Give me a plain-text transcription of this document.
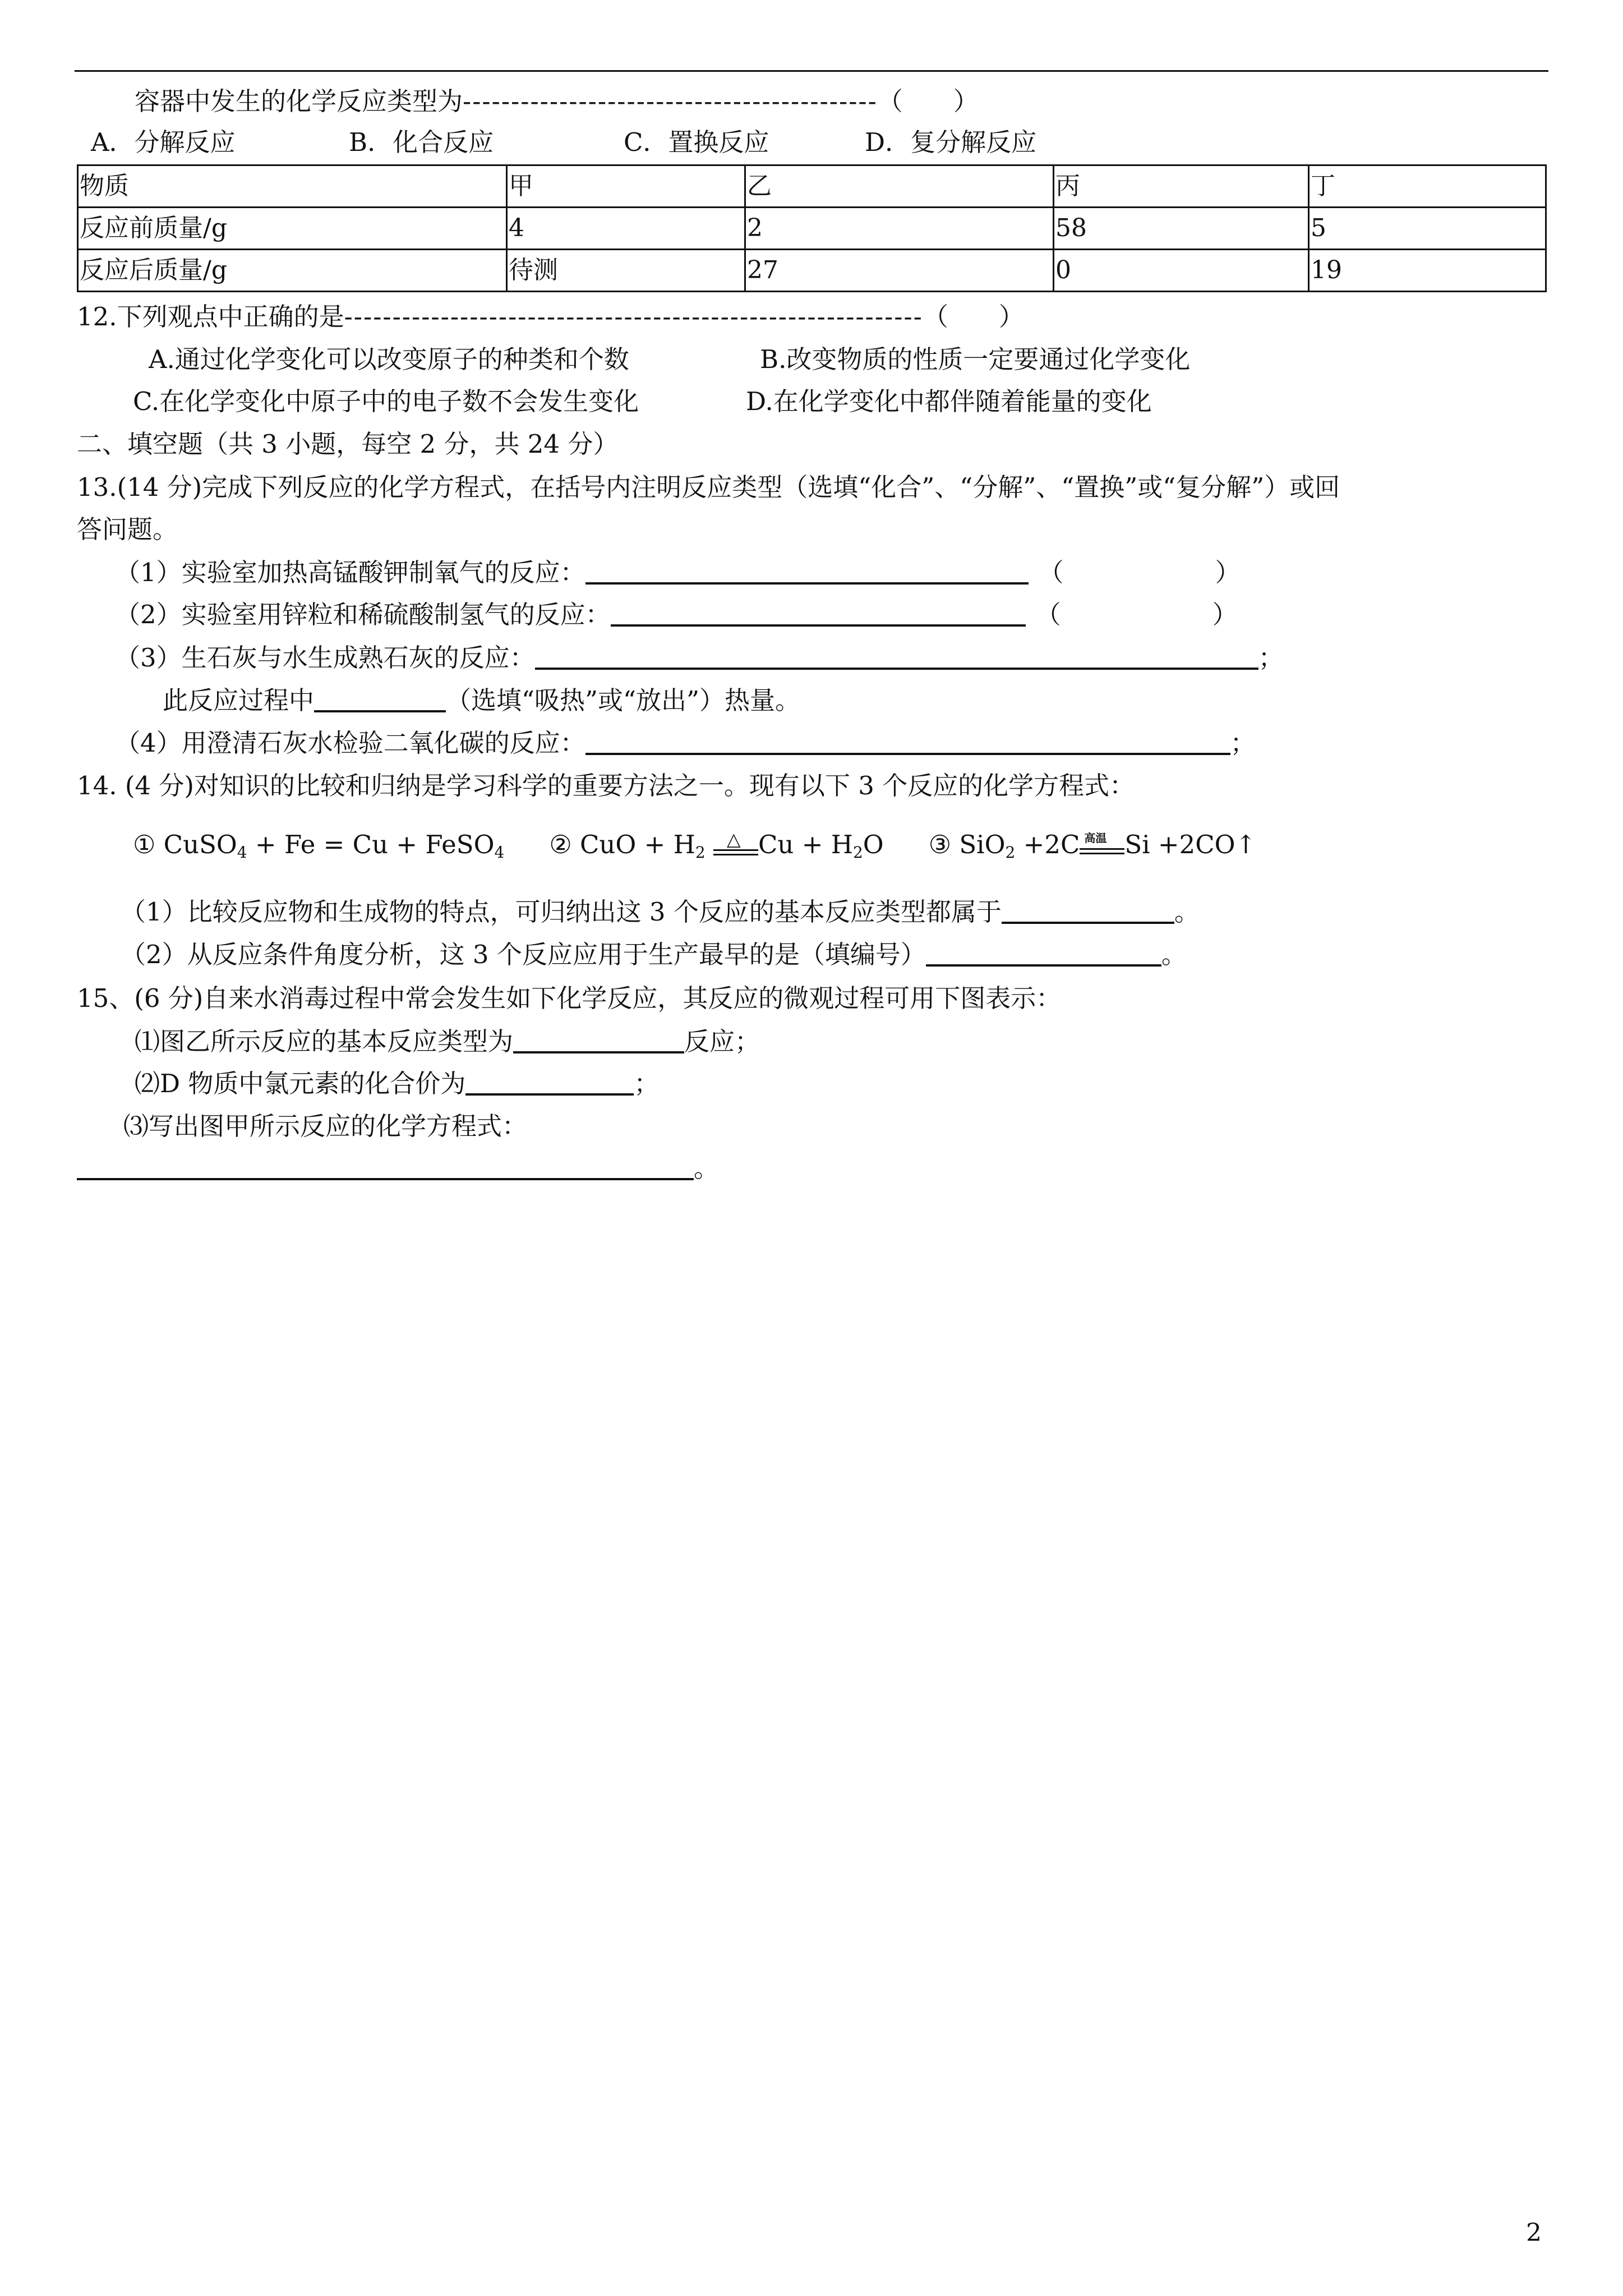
容器中发生的化学反应类型为-------------------------------------------（　　）
A．分解反应	B．化合反应	C．置换反应	D．复分解反应
物质	甲	乙	丙	丁
反应前质量/g	4	2	58	5
反应后质量/g	待测	27	0	19
12.下列观点中正确的是------------------------------------------------------------（　　）
A.通过化学变化可以改变原子的种类和个数	B.改变物质的性质一定要通过化学变化
C.在化学变化中原子中的电子数不会发生变化	D.在化学变化中都伴随着能量的变化
二、填空题（共 3 小题，每空 2 分，共 24 分）
13.(14 分)完成下列反应的化学方程式，在括号内注明反应类型（选填“化合”、“分解”、“置换”或“复分解”）或回
答问题。
（1）实验室加热高锰酸钾制氧气的反应：	（	）
（2）实验室用锌粒和稀硫酸制氢气的反应：	（	）
（3）生石灰与水生成熟石灰的反应：	；
此反应过程中	（选填“吸热”或“放出”）热量。
（4）用澄清石灰水检验二氧化碳的反应：	；
14. (4 分)对知识的比较和归纳是学习科学的重要方法之一。现有以下 3 个反应的化学方程式：
① CuSO$_4$ + Fe = Cu + FeSO$_4$ ② CuO + $H_2$
△ $Cu + H_2O$ ③ SiO$_2$ +2C 高温 Si +2CO↑
（1）比较反应物和生成物的特点，可归纳出这 3 个反应的基本反应类型都属于	。
（2）从反应条件角度分析，这 3 个反应应用于生产最早的是（填编号）	。
15、(6 分)自来水消毒过程中常会发生如下化学反应，其反应的微观过程可用下图表示：
⑴图乙所示反应的基本反应类型为	反应；
⑵D 物质中氯元素的化合价为	；
⑶写出图甲所示反应的化学方程式：
。
2
